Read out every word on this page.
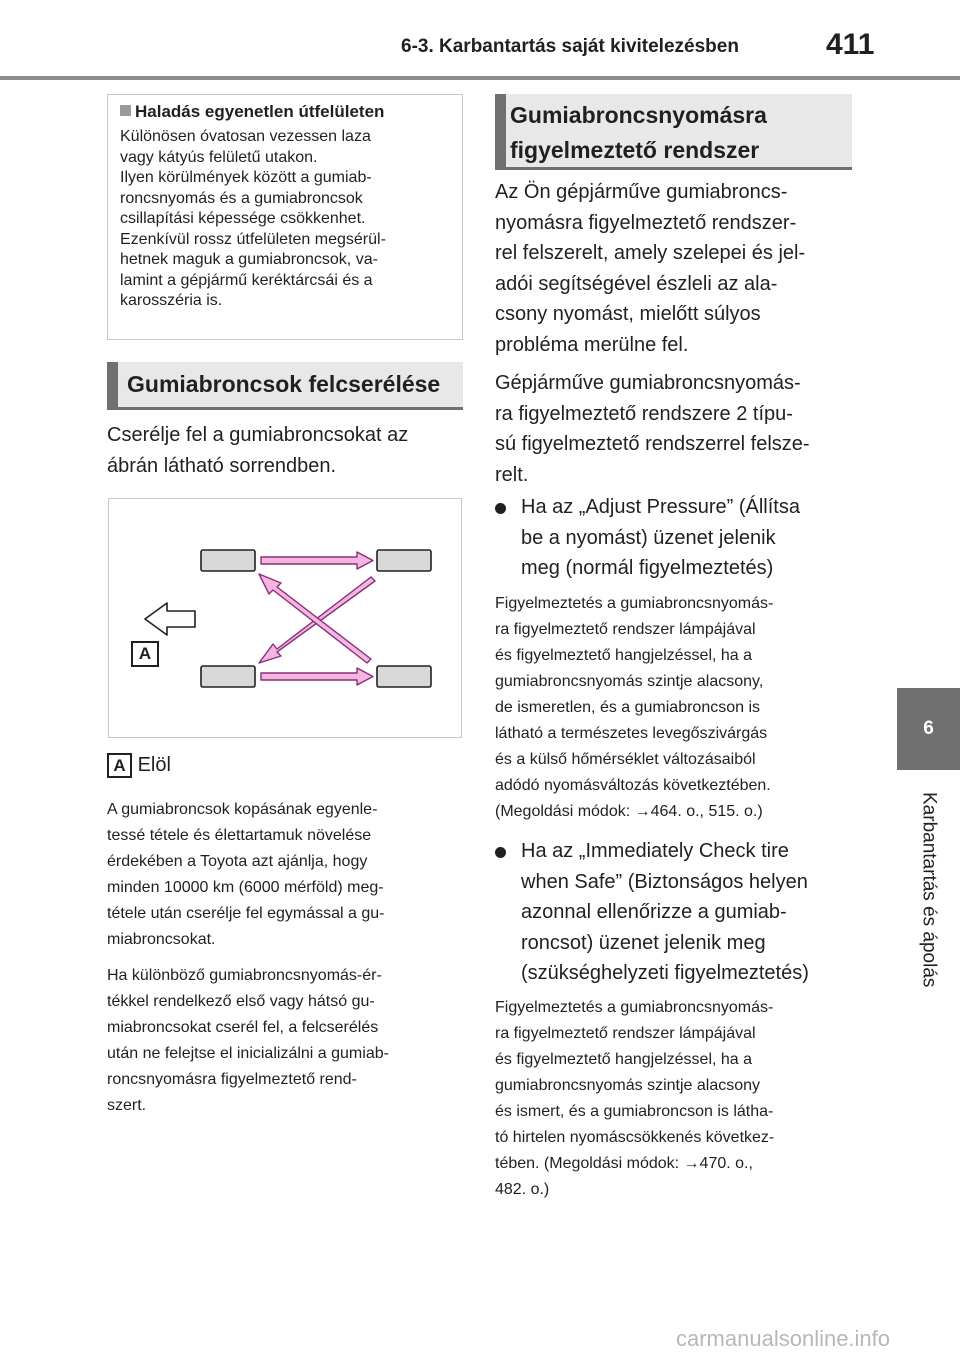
6-3. Karbantartás saját kivitelezésben	411
6
Karbantartás és ápolás
Haladás egyenetlen útfelületen

Különösen óvatosan vezessen laza

vagy kátyús felületű utakon.

Ilyen körülmények között a gumiab-

roncsnyomás és a gumiabroncsok

csillapítási képessége csökkenhet.

Ezenkívül rossz útfelületen megsérül-

hetnek maguk a gumiabroncsok, va-

lamint a gépjármű keréktárcsái és a

karosszéria is.

Gumiabroncsok felcserélése

Cserélje fel a gumiabroncsokat az

ábrán látható sorrendben.

A
A Elöl

A gumiabroncsok kopásának egyenle-

tessé tétele és élettartamuk növelése

érdekében a Toyota azt ajánlja, hogy

minden 10000 km (6000 mérföld) meg-

tétele után cserélje fel egymással a gu-

miabroncsokat.

Ha különböző gumiabroncsnyomás-ér-

tékkel rendelkező első vagy hátsó gu-

miabroncsokat cserél fel, a felcserélés

után ne felejtse el inicializálni a gumiab-

roncsnyomásra figyelmeztető rend-

szert.

Gumiabroncsnyomásra

figyelmeztető rendszer

Az Ön gépjárműve gumiabroncs-

nyomásra figyelmeztető rendszer-

rel felszerelt, amely szelepei és jel-

adói segítségével észleli az ala-

csony nyomást, mielőtt súlyos

probléma merülne fel.

Gépjárműve gumiabroncsnyomás-

ra figyelmeztető rendszere 2 típu-

sú figyelmeztető rendszerrel felsze-

relt.

Ha az „Adjust Pressure” (Állítsa

be a nyomást) üzenet jelenik

meg (normál figyelmeztetés)

Figyelmeztetés a gumiabroncsnyomás-

ra figyelmeztető rendszer lámpájával

és figyelmeztető hangjelzéssel, ha a

gumiabroncsnyomás szintje alacsony,

de ismeretlen, és a gumiabroncson is

látható a természetes levegőszivárgás

és a külső hőmérséklet változásaiból

adódó nyomásváltozás következtében.

(Megoldási módok: →464. o., 515. o.)

Ha az „Immediately Check tire

when Safe” (Biztonságos helyen

azonnal ellenőrizze a gumiab-

roncsot) üzenet jelenik meg

(szükséghelyzeti figyelmeztetés)

Figyelmeztetés a gumiabroncsnyomás-

ra figyelmeztető rendszer lámpájával

és figyelmeztető hangjelzéssel, ha a

gumiabroncsnyomás szintje alacsony

és ismert, és a gumiabroncson is látha-

tó hirtelen nyomáscsökkenés következ-

tében. (Megoldási módok: →470. o.,

482. o.)

carmanualsonline.info
